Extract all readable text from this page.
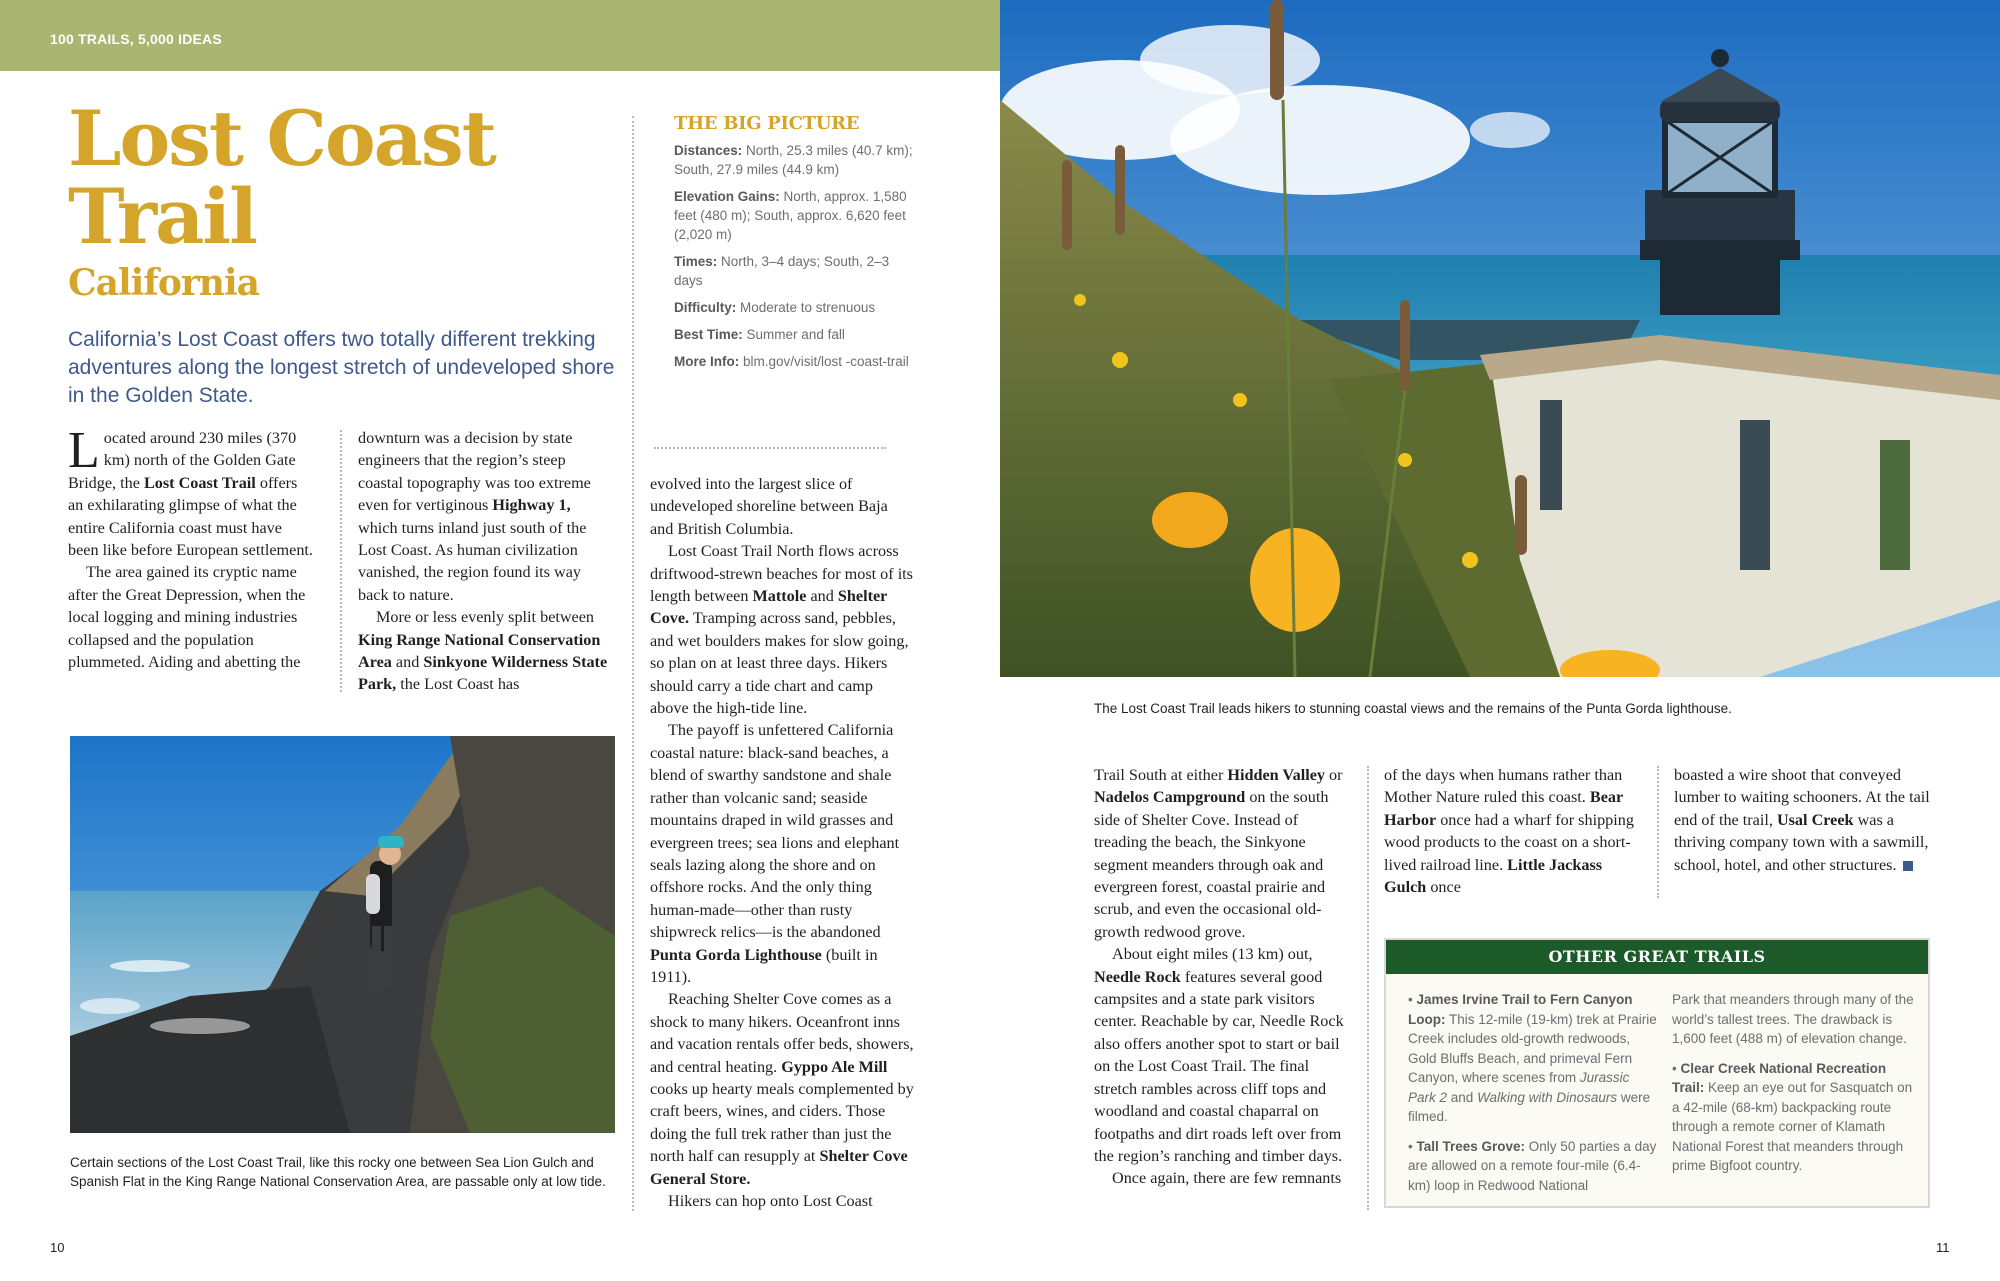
100 TRAILS, 5,000 IDEAS
Lost Coast
Trail
California
California’s Lost Coast offers two totally different trekking adventures along the longest stretch of undeveloped shore in the Golden State.

Located around 230 miles (370 km) north of the Golden Gate Bridge, the Lost Coast Trail offers an exhilarating glimpse of what the entire California coast must have been like before European settlement.

The area gained its cryptic name after the Great Depression, when the local logging and mining industries collapsed and the population plummeted. Aiding and abetting the

downturn was a decision by state engineers that the region’s steep coastal topography was too extreme even for vertiginous Highway 1, which turns inland just south of the Lost Coast. As human civilization vanished, the region found its way back to nature.

More or less evenly split between King Range National Conservation Area and Sinkyone Wilderness State Park, the Lost Coast has

THE BIG PICTURE
Distances: North, 25.3 miles (40.7 km); South, 27.9 miles (44.9 km)
Elevation Gains: North, approx. 1,580 feet (480 m); South, approx. 6,620 feet (2,020 m)
Times: North, 3–4 days; South, 2–3 days
Difficulty: Moderate to strenuous
Best Time: Summer and fall
More Info: blm.gov/visit/lost -coast-trail

evolved into the largest slice of undeveloped shoreline between Baja and British Columbia.

Lost Coast Trail North flows across driftwood-strewn beaches for most of its length between Mattole and Shelter Cove. Tramping across sand, pebbles, and wet boulders makes for slow going, so plan on at least three days. Hikers should carry a tide chart and camp above the high-tide line.

The payoff is unfettered California coastal nature: black-sand beaches, a blend of swarthy sandstone and shale rather than volcanic sand; seaside mountains draped in wild grasses and evergreen trees; sea lions and elephant seals lazing along the shore and on offshore rocks. And the only thing human-made—other than rusty shipwreck relics—is the abandoned Punta Gorda Lighthouse (built in 1911).

Reaching Shelter Cove comes as a shock to many hikers. Oceanfront inns and vacation rentals offer beds, showers, and central heating. Gyppo Ale Mill cooks up hearty meals complemented by craft beers, wines, and ciders. Those doing the full trek rather than just the north half can resupply at Shelter Cove General Store.

Hikers can hop onto Lost Coast

Certain sections of the Lost Coast Trail, like this rocky one between Sea Lion Gulch and Spanish Flat in the King Range National Conservation Area, are passable only at low tide.
10
The Lost Coast Trail leads hikers to stunning coastal views and the remains of the Punta Gorda lighthouse.

Trail South at either Hidden Valley or Nadelos Campground on the south side of Shelter Cove. Instead of treading the beach, the Sinkyone segment meanders through oak and evergreen forest, coastal prairie and scrub, and even the occasional old-growth redwood grove.

About eight miles (13 km) out, Needle Rock features several good campsites and a state park visitors center. Reachable by car, Needle Rock also offers another spot to start or bail on the Lost Coast Trail. The final stretch rambles across cliff tops and woodland and coastal chaparral on footpaths and dirt roads left over from the region’s ranching and timber days.

Once again, there are few remnants

of the days when humans rather than Mother Nature ruled this coast. Bear Harbor once had a wharf for shipping wood products to the coast on a short-lived railroad line. Little Jackass Gulch once

boasted a wire shoot that conveyed lumber to waiting schooners. At the tail end of the trail, Usal Creek was a thriving company town with a sawmill, school, hotel, and other structures.

OTHER GREAT TRAILS

• James Irvine Trail to Fern Canyon Loop: This 12-mile (19-km) trek at Prairie Creek includes old-growth redwoods, Gold Bluffs Beach, and primeval Fern Canyon, where scenes from Jurassic Park 2 and Walking with Dinosaurs were filmed.

• Tall Trees Grove: Only 50 parties a day are allowed on a remote four-mile (6.4-km) loop in Redwood National

Park that meanders through many of the world’s tallest trees. The drawback is 1,600 feet (488 m) of elevation change.

• Clear Creek National Recreation Trail: Keep an eye out for Sasquatch on a 42-mile (68-km) backpacking route through a remote corner of Klamath National Forest that meanders through prime Bigfoot country.

11
